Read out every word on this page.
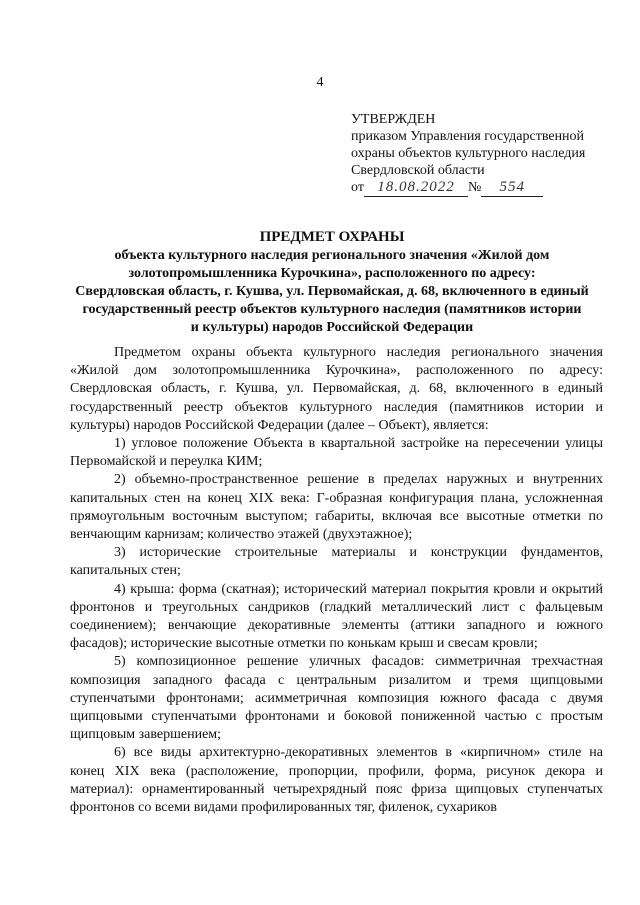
4
УТВЕРЖДЕН
приказом Управления государственной
охраны объектов культурного наследия
Свердловской области
от 18.08.2022 №	554
ПРЕДМЕТ ОХРАНЫ
объекта культурного наследия регионального значения «Жилой дом
золотопромышленника Курочкина», расположенного по адресу:
Свердловская область, г. Кушва, ул. Первомайская, д. 68, включенного в единый
государственный реестр объектов культурного наследия (памятников истории
и культуры) народов Российской Федерации

Предметом охраны объекта культурного наследия регионального значения «Жилой дом золотопромышленника Курочкина», расположенного по адресу: Свердловская область, г. Кушва, ул. Первомайская, д. 68, включенного в единый государственный реестр объектов культурного наследия (памятников истории и культуры) народов Российской Федерации (далее – Объект), является:

1) угловое положение Объекта в квартальной застройке на пересечении улицы Первомайской и переулка КИМ;

2) объемно-пространственное решение в пределах наружных и внутренних капитальных стен на конец XIX века: Г-образная конфигурация плана, усложненная прямоугольным восточным выступом; габариты, включая все высотные отметки по венчающим карнизам; количество этажей (двухэтажное);

3) исторические строительные материалы и конструкции фундаментов, капитальных стен;

4) крыша: форма (скатная); исторический материал покрытия кровли и окрытий фронтонов и треугольных сандриков (гладкий металлический лист с фальцевым соединением); венчающие декоративные элементы (аттики западного и южного фасадов); исторические высотные отметки по конькам крыш и свесам кровли;

5) композиционное решение уличных фасадов: симметричная трехчастная композиция западного фасада с центральным ризалитом и тремя щипцовыми ступенчатыми фронтонами; асимметричная композиция южного фасада с двумя щипцовыми ступенчатыми фронтонами и боковой пониженной частью с простым щипцовым завершением;

6) все виды архитектурно-декоративных элементов в «кирпичном» стиле на конец XIX века (расположение, пропорции, профили, форма, рисунок декора и материал): орнаментированный четырехрядный пояс фриза щипцовых ступенчатых фронтонов со всеми видами профилированных тяг, филенок, сухариков
